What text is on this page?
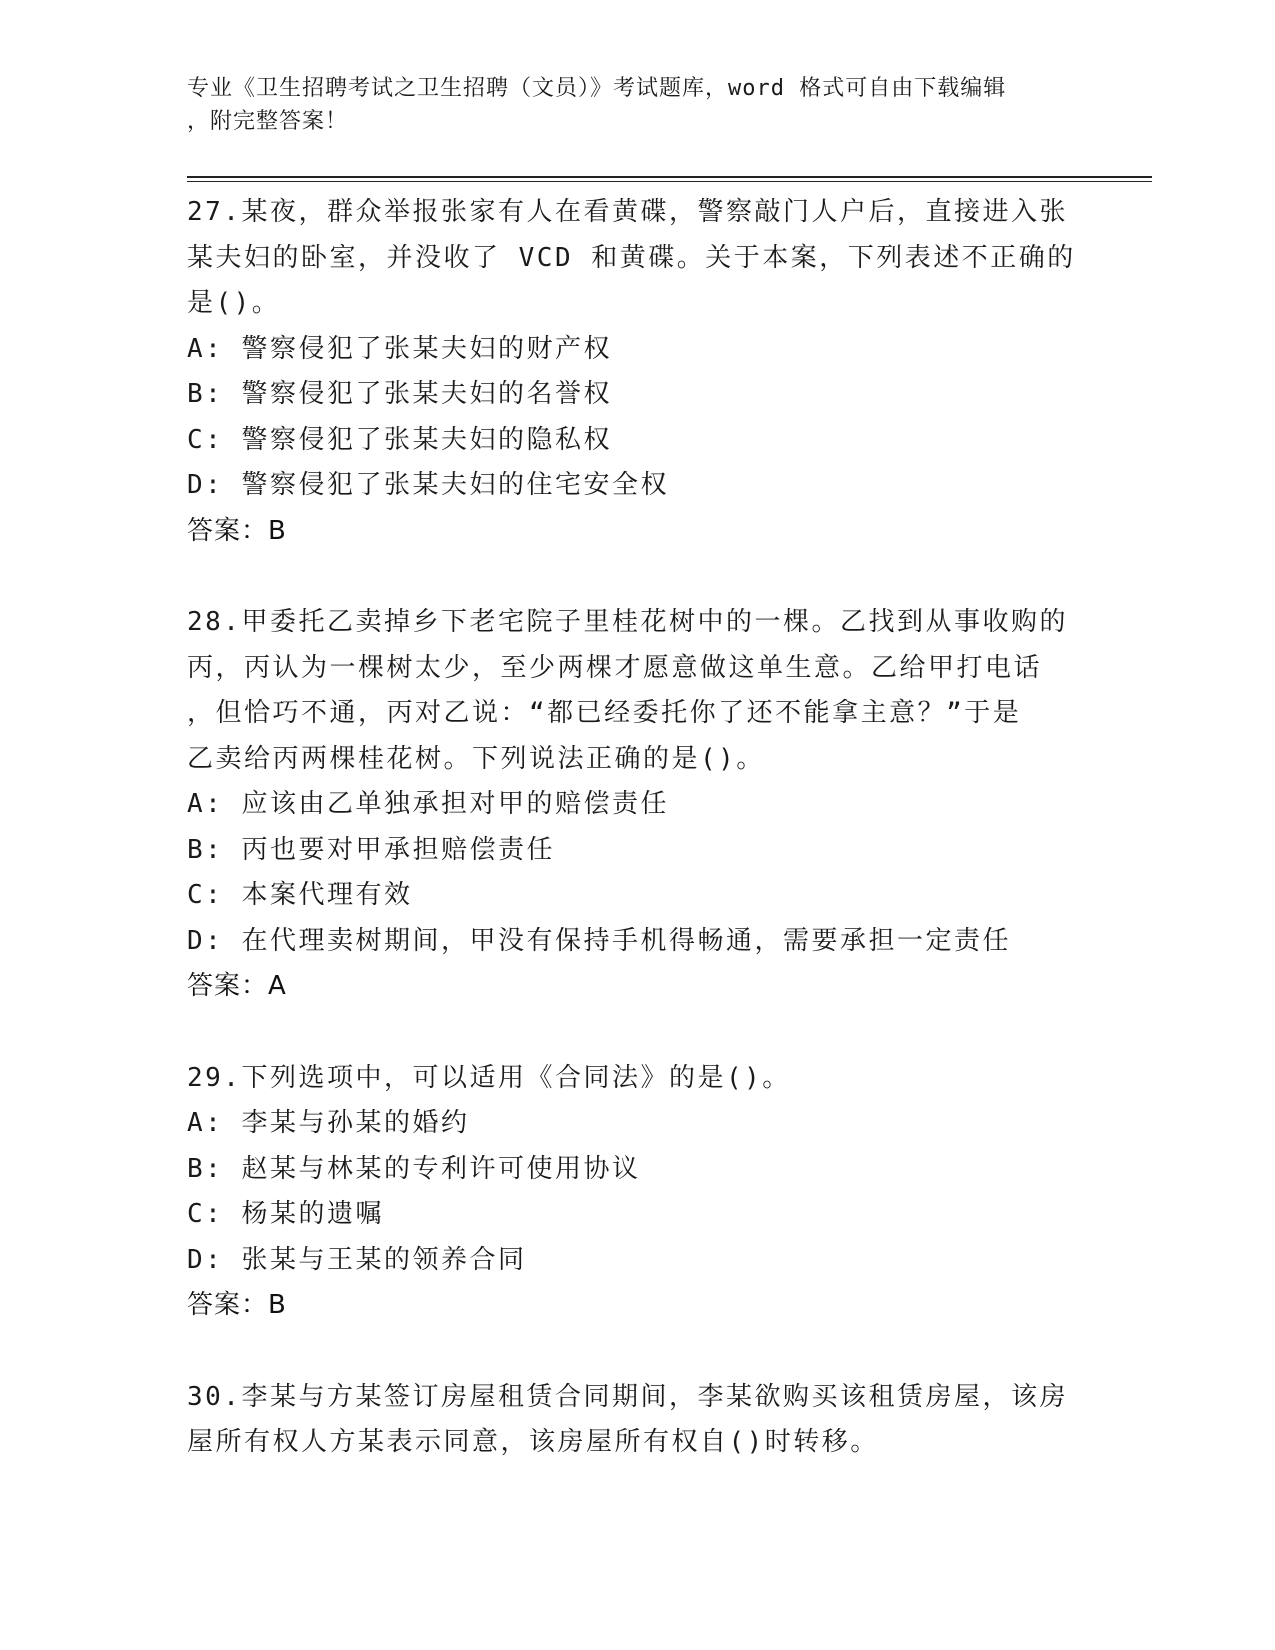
专业《卫生招聘考试之卫生招聘（文员）》考试题库，word 格式可自由下载编辑
，附完整答案！
27.某夜，群众举报张家有人在看黄碟，警察敲门人户后，直接进入张
某夫妇的卧室，并没收了 VCD 和黄碟。关于本案，下列表述不正确的
是()。
A: 警察侵犯了张某夫妇的财产权
B: 警察侵犯了张某夫妇的名誉权
C: 警察侵犯了张某夫妇的隐私权
D: 警察侵犯了张某夫妇的住宅安全权
答案：B
28.甲委托乙卖掉乡下老宅院子里桂花树中的一棵。乙找到从事收购的
丙，丙认为一棵树太少，至少两棵才愿意做这单生意。乙给甲打电话
，但恰巧不通，丙对乙说：“都已经委托你了还不能拿主意？”于是
乙卖给丙两棵桂花树。下列说法正确的是()。
A: 应该由乙单独承担对甲的赔偿责任
B: 丙也要对甲承担赔偿责任
C: 本案代理有效
D: 在代理卖树期间，甲没有保持手机得畅通，需要承担一定责任
答案：A
29.下列选项中，可以适用《合同法》的是()。
A: 李某与孙某的婚约
B: 赵某与林某的专利许可使用协议
C: 杨某的遗嘱
D: 张某与王某的领养合同
答案：B
30.李某与方某签订房屋租赁合同期间，李某欲购买该租赁房屋，该房
屋所有权人方某表示同意，该房屋所有权自()时转移。
